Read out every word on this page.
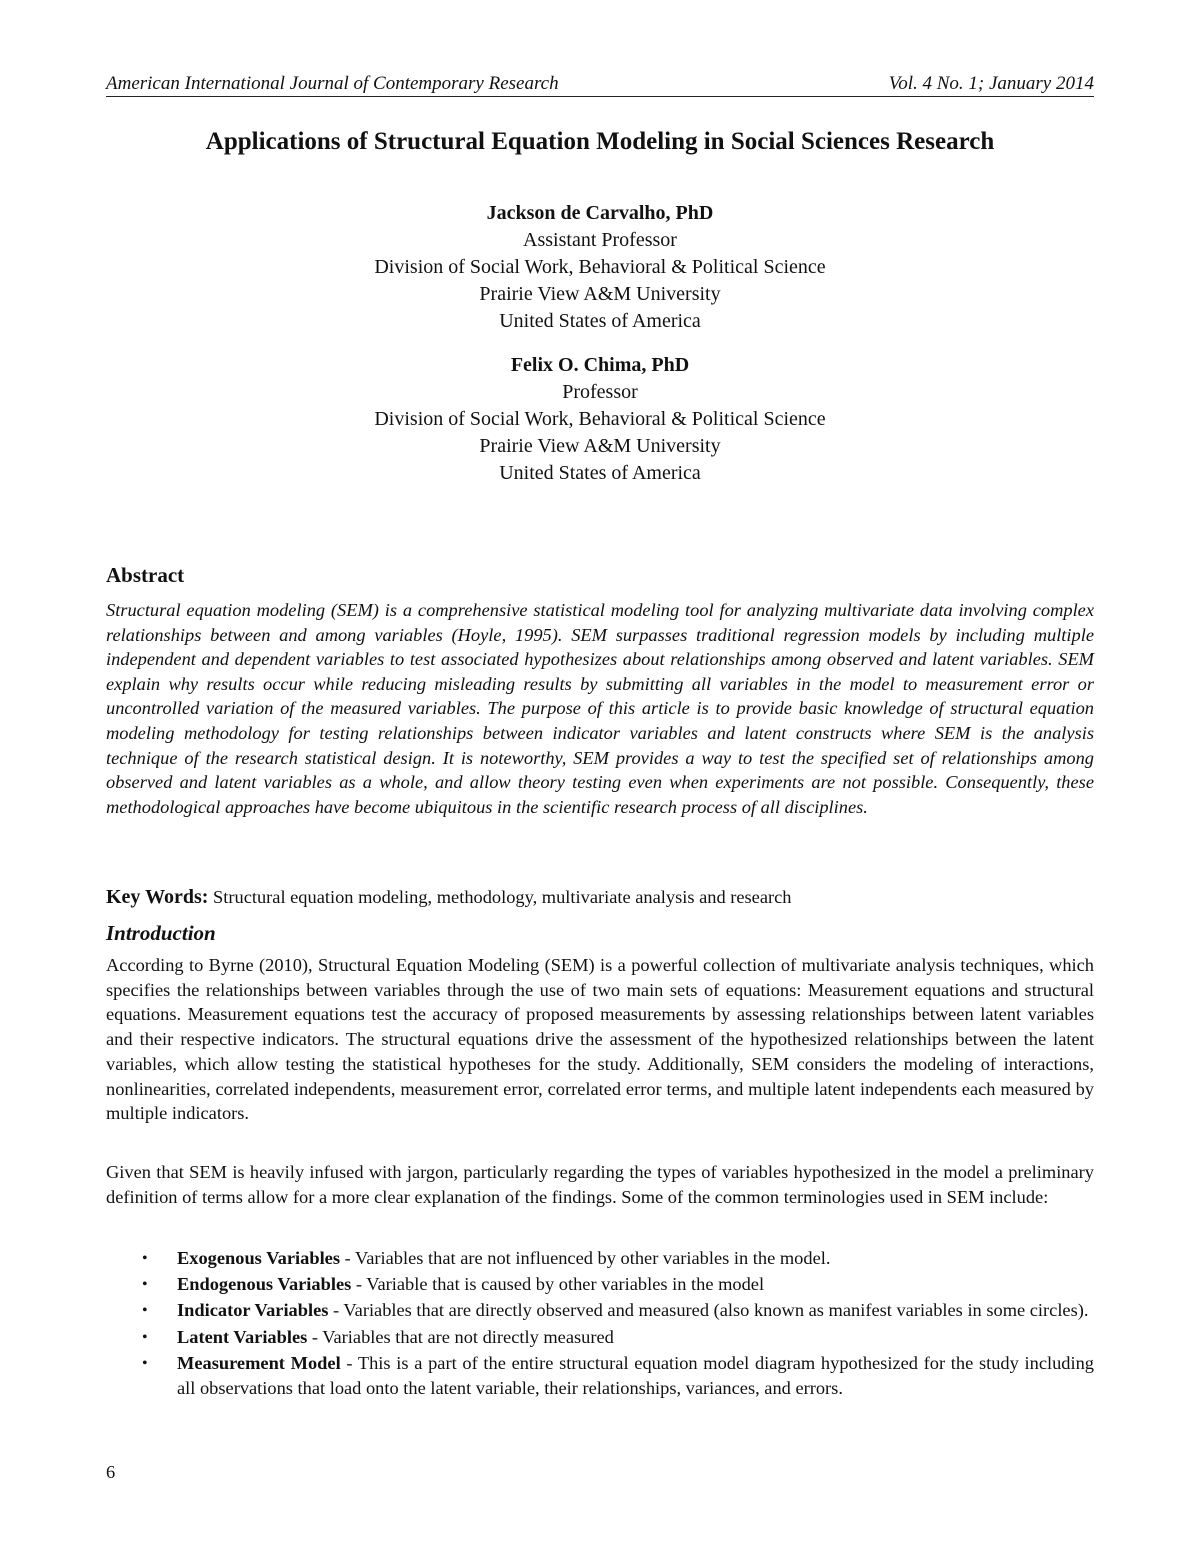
American International Journal of Contemporary Research	Vol. 4 No. 1; January 2014
Applications of Structural Equation Modeling in Social Sciences Research
Jackson de Carvalho, PhD
Assistant Professor
Division of Social Work, Behavioral & Political Science
Prairie View A&M University
United States of America
Felix O. Chima, PhD
Professor
Division of Social Work, Behavioral & Political Science
Prairie View A&M University
United States of America
Abstract
Structural equation modeling (SEM) is a comprehensive statistical modeling tool for analyzing multivariate data involving complex relationships between and among variables (Hoyle, 1995). SEM surpasses traditional regression models by including multiple independent and dependent variables to test associated hypothesizes about relationships among observed and latent variables. SEM explain why results occur while reducing misleading results by submitting all variables in the model to measurement error or uncontrolled variation of the measured variables. The purpose of this article is to provide basic knowledge of structural equation modeling methodology for testing relationships between indicator variables and latent constructs where SEM is the analysis technique of the research statistical design. It is noteworthy, SEM provides a way to test the specified set of relationships among observed and latent variables as a whole, and allow theory testing even when experiments are not possible. Consequently, these methodological approaches have become ubiquitous in the scientific research process of all disciplines.
Key Words: Structural equation modeling, methodology, multivariate analysis and research
Introduction
According to Byrne (2010), Structural Equation Modeling (SEM) is a powerful collection of multivariate analysis techniques, which specifies the relationships between variables through the use of two main sets of equations: Measurement equations and structural equations. Measurement equations test the accuracy of proposed measurements by assessing relationships between latent variables and their respective indicators. The structural equations drive the assessment of the hypothesized relationships between the latent variables, which allow testing the statistical hypotheses for the study. Additionally, SEM considers the modeling of interactions, nonlinearities, correlated independents, measurement error, correlated error terms, and multiple latent independents each measured by multiple indicators.
Given that SEM is heavily infused with jargon, particularly regarding the types of variables hypothesized in the model a preliminary definition of terms allow for a more clear explanation of the findings. Some of the common terminologies used in SEM include:
• Exogenous Variables - Variables that are not influenced by other variables in the model.
• Endogenous Variables - Variable that is caused by other variables in the model
• Indicator Variables - Variables that are directly observed and measured (also known as manifest variables in some circles).
• Latent Variables - Variables that are not directly measured
• Measurement Model - This is a part of the entire structural equation model diagram hypothesized for the study including all observations that load onto the latent variable, their relationships, variances, and errors.
6
